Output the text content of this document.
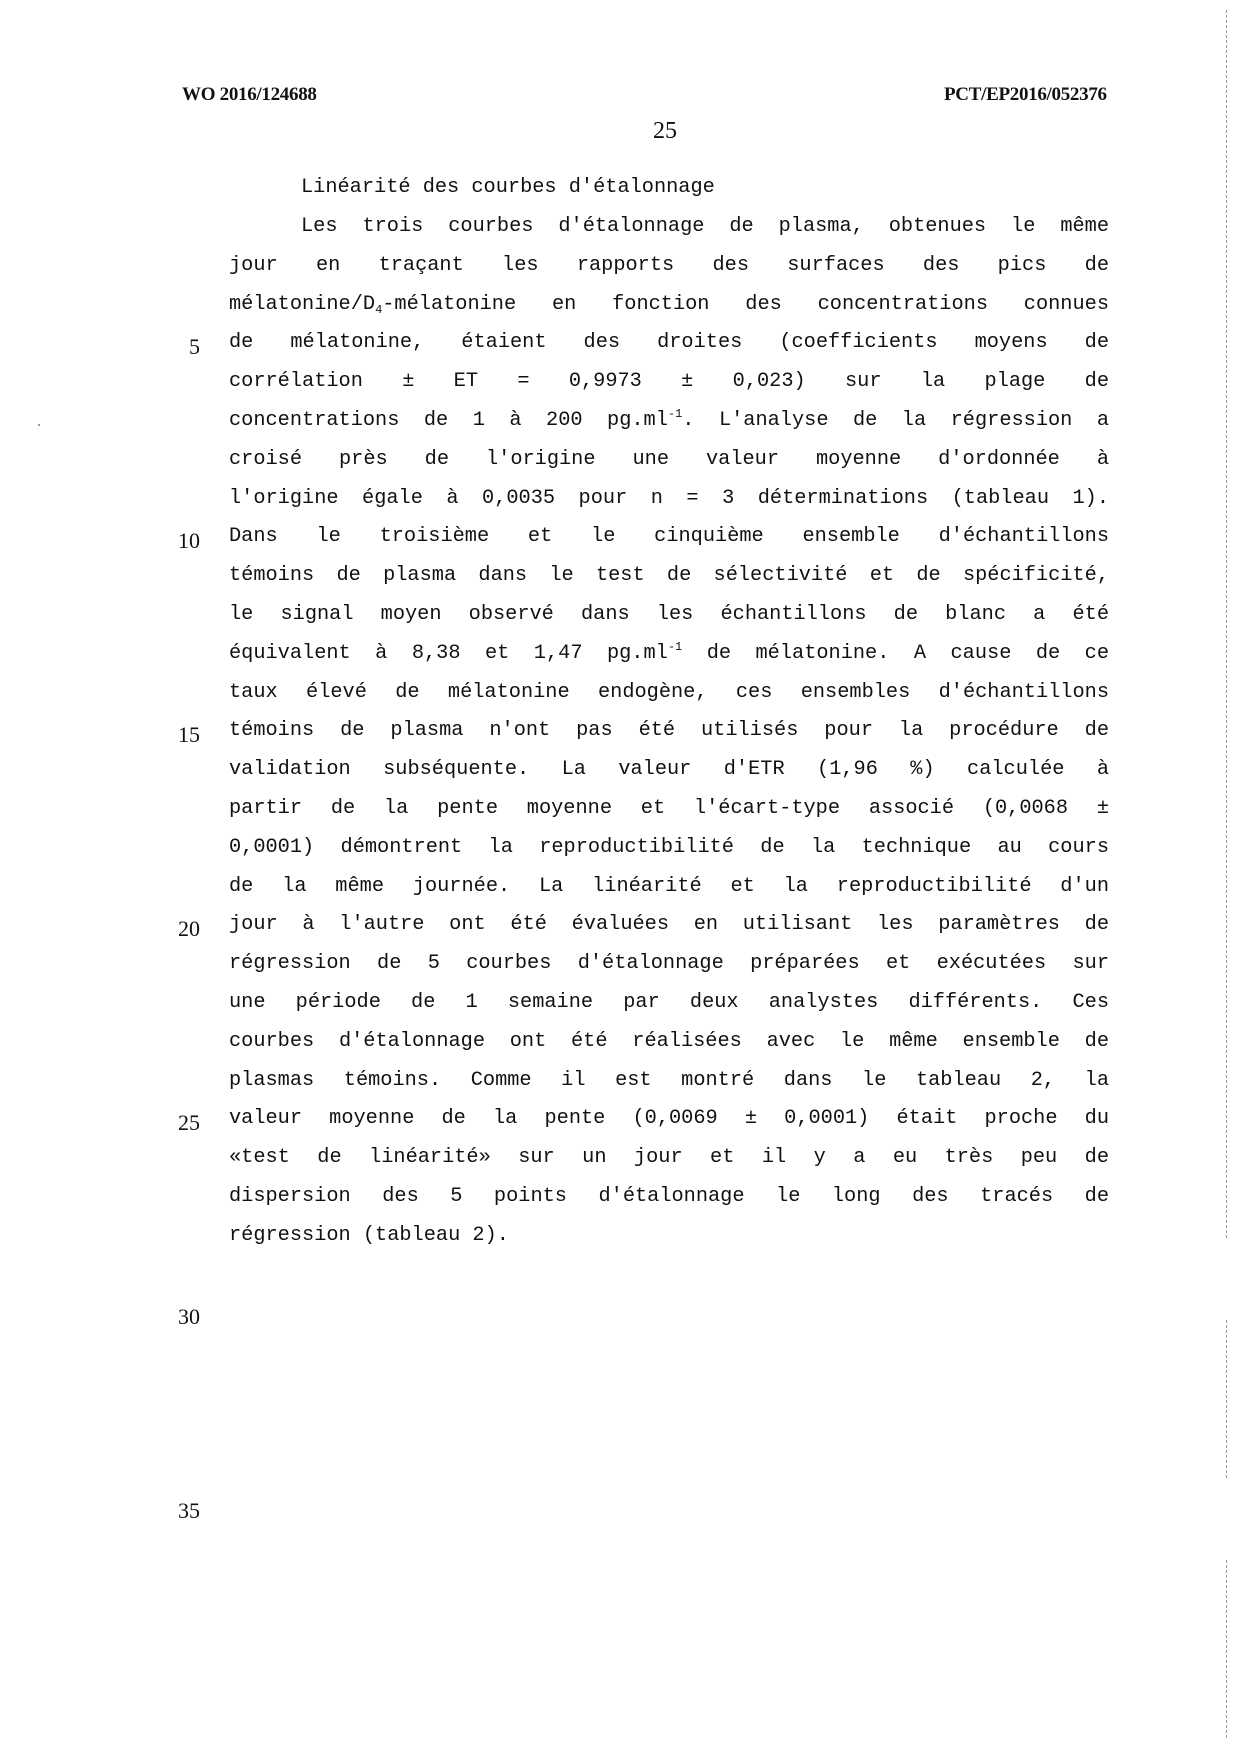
WO 2016/124688	PCT/EP2016/052376
25
Linéarité des courbes d'étalonnage
Les trois courbes d'étalonnage de plasma, obtenues le même
jour en traçant les rapports des surfaces des pics de
mélatonine/$D_4$-mélatonine en fonction des concentrations connues
de mélatonine, étaient des droites (coefficients moyens de
corrélation ± ET = 0,9973 ± 0,023) sur la plage de
concentrations de 1 à 200 $pg.ml^{-1}$. L'analyse de la régression a
croisé près de l'origine une valeur moyenne d'ordonnée à
l'origine égale à 0,0035 pour n = 3 déterminations (tableau 1).
Dans le troisième et le cinquième ensemble d'échantillons
témoins de plasma dans le test de sélectivité et de spécificité,
le signal moyen observé dans les échantillons de blanc a été
équivalent à 8,38 et 1,47 $pg.ml^{-1}$ de mélatonine. A cause de ce
taux élevé de mélatonine endogène, ces ensembles d'échantillons
témoins de plasma n'ont pas été utilisés pour la procédure de
validation subséquente. La valeur d'ETR (1,96 %) calculée à
partir de la pente moyenne et l'écart-type associé (0,0068 ±
0,0001) démontrent la reproductibilité de la technique au cours
de la même journée. La linéarité et la reproductibilité d'un
jour à l'autre ont été évaluées en utilisant les paramètres de
régression de 5 courbes d'étalonnage préparées et exécutées sur
une période de 1 semaine par deux analystes différents. Ces
courbes d'étalonnage ont été réalisées avec le même ensemble de
plasmas témoins. Comme il est montré dans le tableau 2, la
valeur moyenne de la pente (0,0069 ± 0,0001) était proche du
«test de linéarité» sur un jour et il y a eu très peu de
dispersion des 5 points d'étalonnage le long des tracés de
régression (tableau 2).
5
10
15
20
25
30
35
